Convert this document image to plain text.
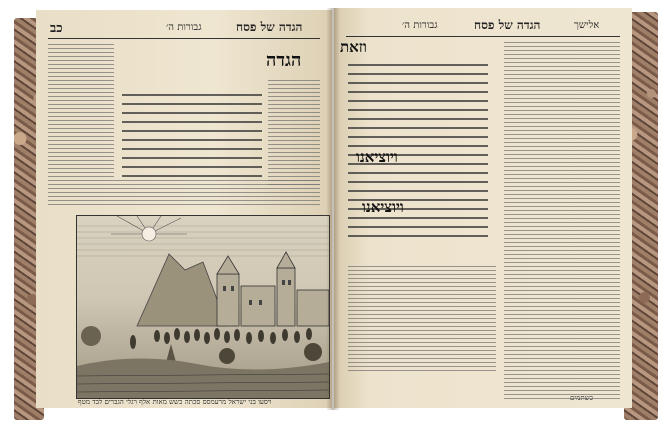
כב	גבורות ה׳	הגדה של פסח
הגדה
ויסעו בני ישראל מרעמסס סכתה כשש מאות אלף רגלי הגברים לבד מטף
גבורות ה׳	הגדה של פסח	אלישך
וזאת
ויוציאנו
ויוציאנו
כשתמים
